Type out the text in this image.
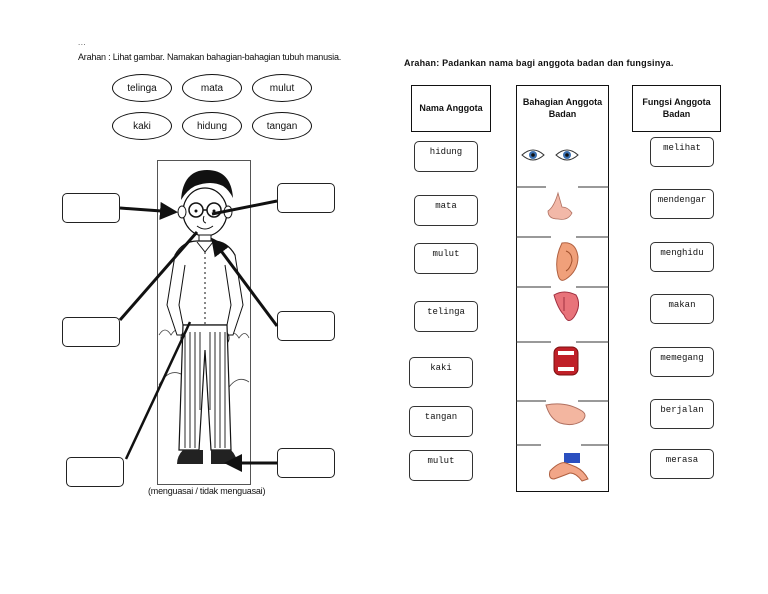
...
Arahan : Lihat gambar. Namakan bahagian-bahagian tubuh manusia.
telinga	mata	mulut
kaki	hidung	tangan
(menguasai / tidak menguasai)
Arahan: Padankan nama bagi anggota badan dan fungsinya.
Nama Anggota
Bahagian Anggota Badan
Fungsi Anggota Badan
hidung
mata
mulut
telinga
kaki
tangan
mulut
melihat
mendengar
menghidu
makan
memegang
berjalan
merasa
